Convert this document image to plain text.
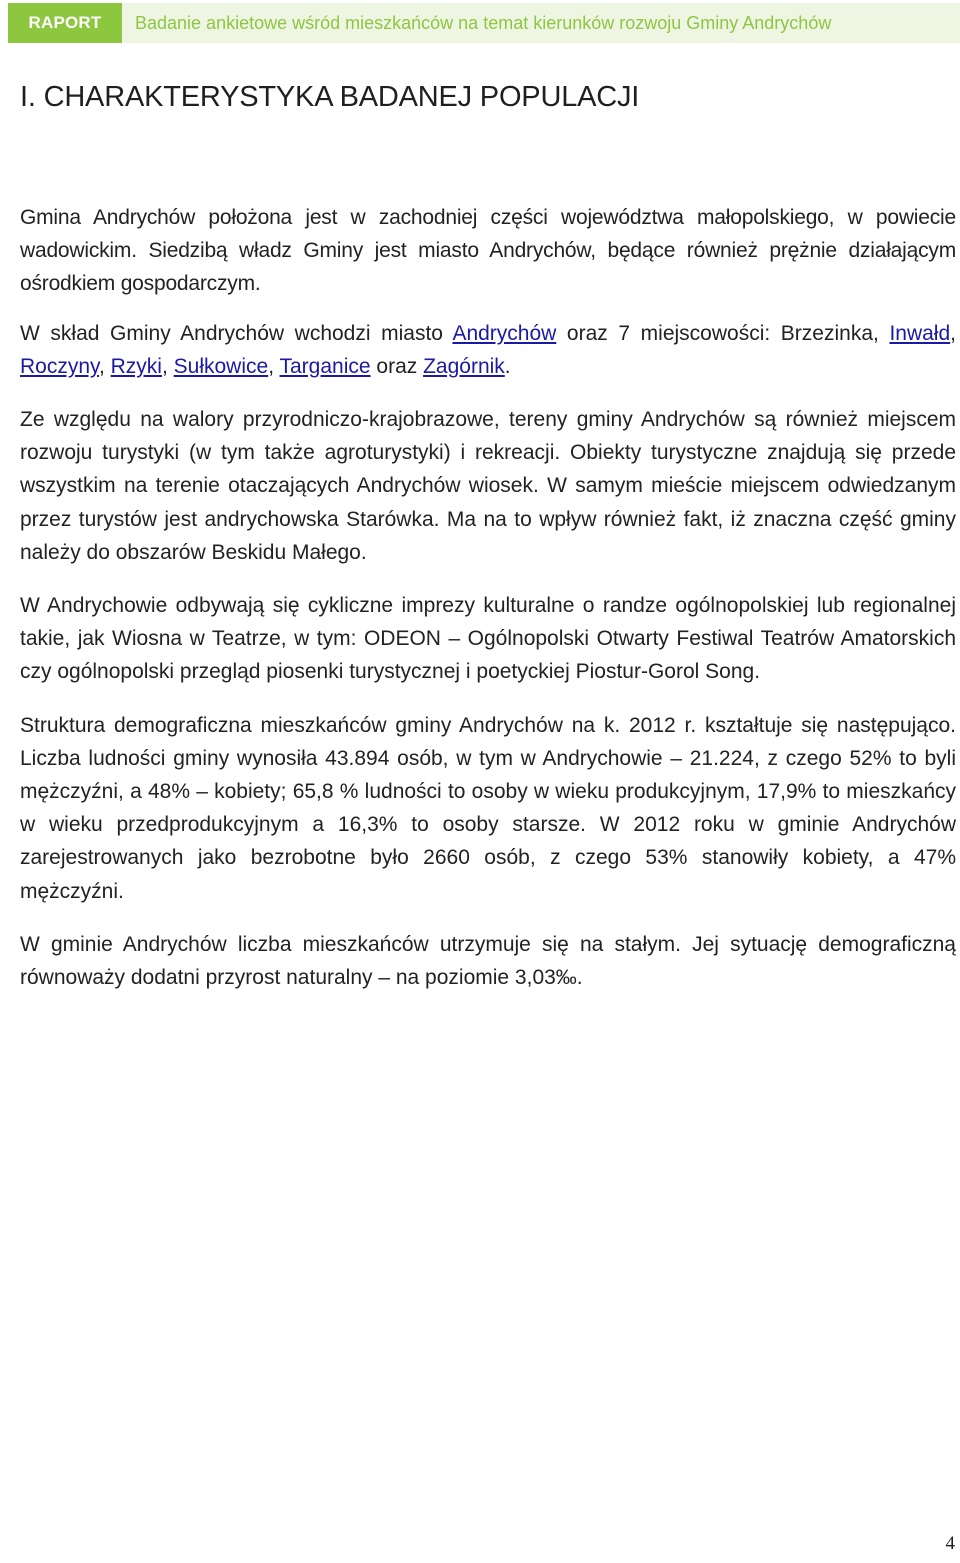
RAPORT	Badanie ankietowe wśród mieszkańców na temat kierunków rozwoju Gminy Andrychów
I. CHARAKTERYSTYKA BADANEJ POPULACJI

Gmina Andrychów położona jest w zachodniej części województwa małopolskiego, w powiecie wadowickim. Siedzibą władz Gminy jest miasto Andrychów, będące również prężnie działającym ośrodkiem gospodarczym.

W skład Gminy Andrychów wchodzi miasto Andrychów oraz 7 miejscowości: Brzezinka, Inwałd, Roczyny, Rzyki, Sułkowice, Targanice oraz Zagórnik.

Ze względu na walory przyrodniczo-krajobrazowe, tereny gminy Andrychów są również miejscem rozwoju turystyki (w tym także agroturystyki) i rekreacji. Obiekty turystyczne znajdują się przede wszystkim na terenie otaczających Andrychów wiosek. W samym mieście miejscem odwiedzanym przez turystów jest andrychowska Starówka. Ma na to wpływ również fakt, iż znaczna część gminy należy do obszarów Beskidu Małego.

W Andrychowie odbywają się cykliczne imprezy kulturalne o randze ogólnopolskiej lub regionalnej takie, jak Wiosna w Teatrze, w tym: ODEON – Ogólnopolski Otwarty Festiwal Teatrów Amatorskich czy ogólnopolski przegląd piosenki turystycznej i poetyckiej Piostur-Gorol Song.

Struktura demograficzna mieszkańców gminy Andrychów na k. 2012 r. kształtuje się następująco. Liczba ludności gminy wynosiła 43.894 osób, w tym w Andrychowie – 21.224, z czego 52% to byli mężczyźni, a 48% – kobiety; 65,8 % ludności to osoby w wieku produkcyjnym, 17,9% to mieszkańcy w wieku przedprodukcyjnym a 16,3% to osoby starsze. W 2012 roku w gminie Andrychów zarejestrowanych jako bezrobotne było 2660 osób, z czego 53% stanowiły kobiety, a 47% mężczyźni.

W gminie Andrychów liczba mieszkańców utrzymuje się na stałym. Jej sytuację demograficzną równoważy dodatni przyrost naturalny – na poziomie 3,03‰.

4
